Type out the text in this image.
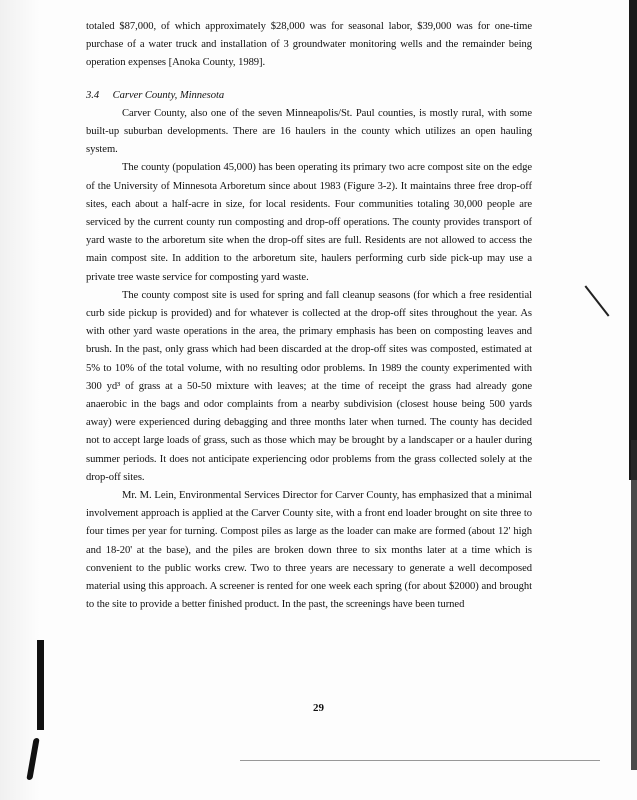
totaled $87,000, of which approximately $28,000 was for seasonal labor, $39,000 was for one-time purchase of a water truck and installation of 3 groundwater monitoring wells and the remainder being operation expenses [Anoka County, 1989].

3.4 Carver County, Minnesota

Carver County, also one of the seven Minneapolis/St. Paul counties, is mostly rural, with some built-up suburban developments. There are 16 haulers in the county which utilizes an open hauling system.

The county (population 45,000) has been operating its primary two acre compost site on the edge of the University of Minnesota Arboretum since about 1983 (Figure 3-2). It maintains three free drop-off sites, each about a half-acre in size, for local residents. Four communities totaling 30,000 people are serviced by the current county run composting and drop-off operations. The county provides transport of yard waste to the arboretum site when the drop-off sites are full. Residents are not allowed to access the main compost site. In addition to the arboretum site, haulers performing curb side pick-up may use a private tree waste service for composting yard waste.

The county compost site is used for spring and fall cleanup seasons (for which a free residential curb side pickup is provided) and for whatever is collected at the drop-off sites throughout the year. As with other yard waste operations in the area, the primary emphasis has been on composting leaves and brush. In the past, only grass which had been discarded at the drop-off sites was composted, estimated at 5% to 10% of the total volume, with no resulting odor problems. In 1989 the county experimented with 300 yd³ of grass at a 50-50 mixture with leaves; at the time of receipt the grass had already gone anaerobic in the bags and odor complaints from a nearby subdivision (closest house being 500 yards away) were experienced during debagging and three months later when turned. The county has decided not to accept large loads of grass, such as those which may be brought by a landscaper or a hauler during summer periods. It does not anticipate experiencing odor problems from the grass collected solely at the drop-off sites.

Mr. M. Lein, Environmental Services Director for Carver County, has emphasized that a minimal involvement approach is applied at the Carver County site, with a front end loader brought on site three to four times per year for turning. Compost piles as large as the loader can make are formed (about 12' high and 18-20' at the base), and the piles are broken down three to six months later at a time which is convenient to the public works crew. Two to three years are necessary to generate a well decomposed material using this approach. A screener is rented for one week each spring (for about $2000) and brought to the site to provide a better finished product. In the past, the screenings have been turned

29
